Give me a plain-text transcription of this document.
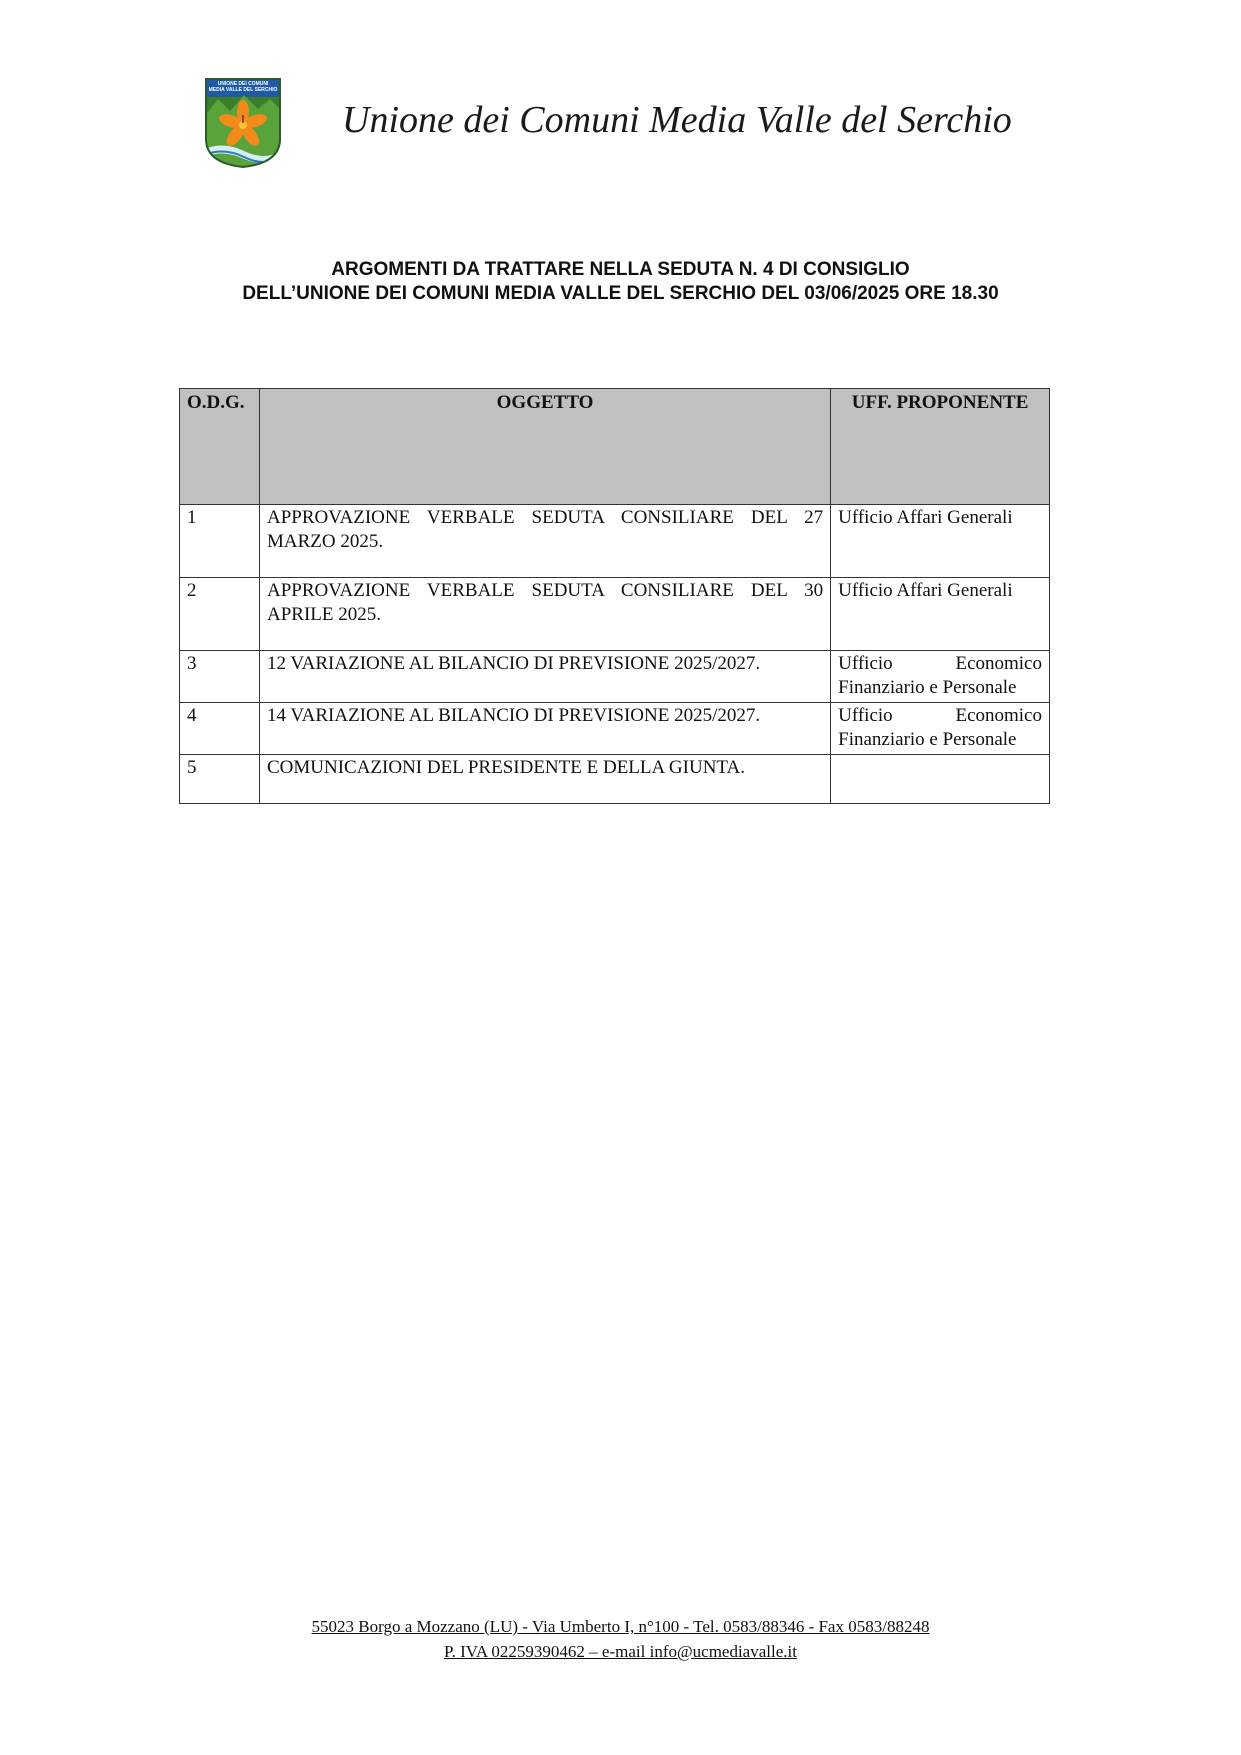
UNIONE DEI COMUNI
MEDIA VALLE DEL SERCHIO
Unione dei Comuni Media Valle del Serchio
ARGOMENTI DA TRATTARE NELLA SEDUTA N. 4 DI CONSIGLIO
DELL’UNIONE DEI COMUNI MEDIA VALLE DEL SERCHIO DEL 03/06/2025 ORE 18.30
O.D.G.	OGGETTO	UFF. PROPONENTE
1	APPROVAZIONE VERBALE SEDUTA CONSILIARE DEL 27 MARZO 2025.	Ufficio Affari Generali

2	APPROVAZIONE VERBALE SEDUTA CONSILIARE DEL 30 APRILE 2025.	Ufficio Affari Generali

3	12 VARIAZIONE AL BILANCIO DI PREVISIONE 2025/2027.	Ufficio Economico Finanziario e Personale

4	14 VARIAZIONE AL BILANCIO DI PREVISIONE 2025/2027.	Ufficio Economico Finanziario e Personale

5	COMUNICAZIONI DEL PRESIDENTE E DELLA GIUNTA.	

55023 Borgo a Mozzano (LU) - Via Umberto I, n°100 - Tel. 0583/88346 - Fax 0583/88248
P. IVA 02259390462 – e-mail info@ucmediavalle.it
